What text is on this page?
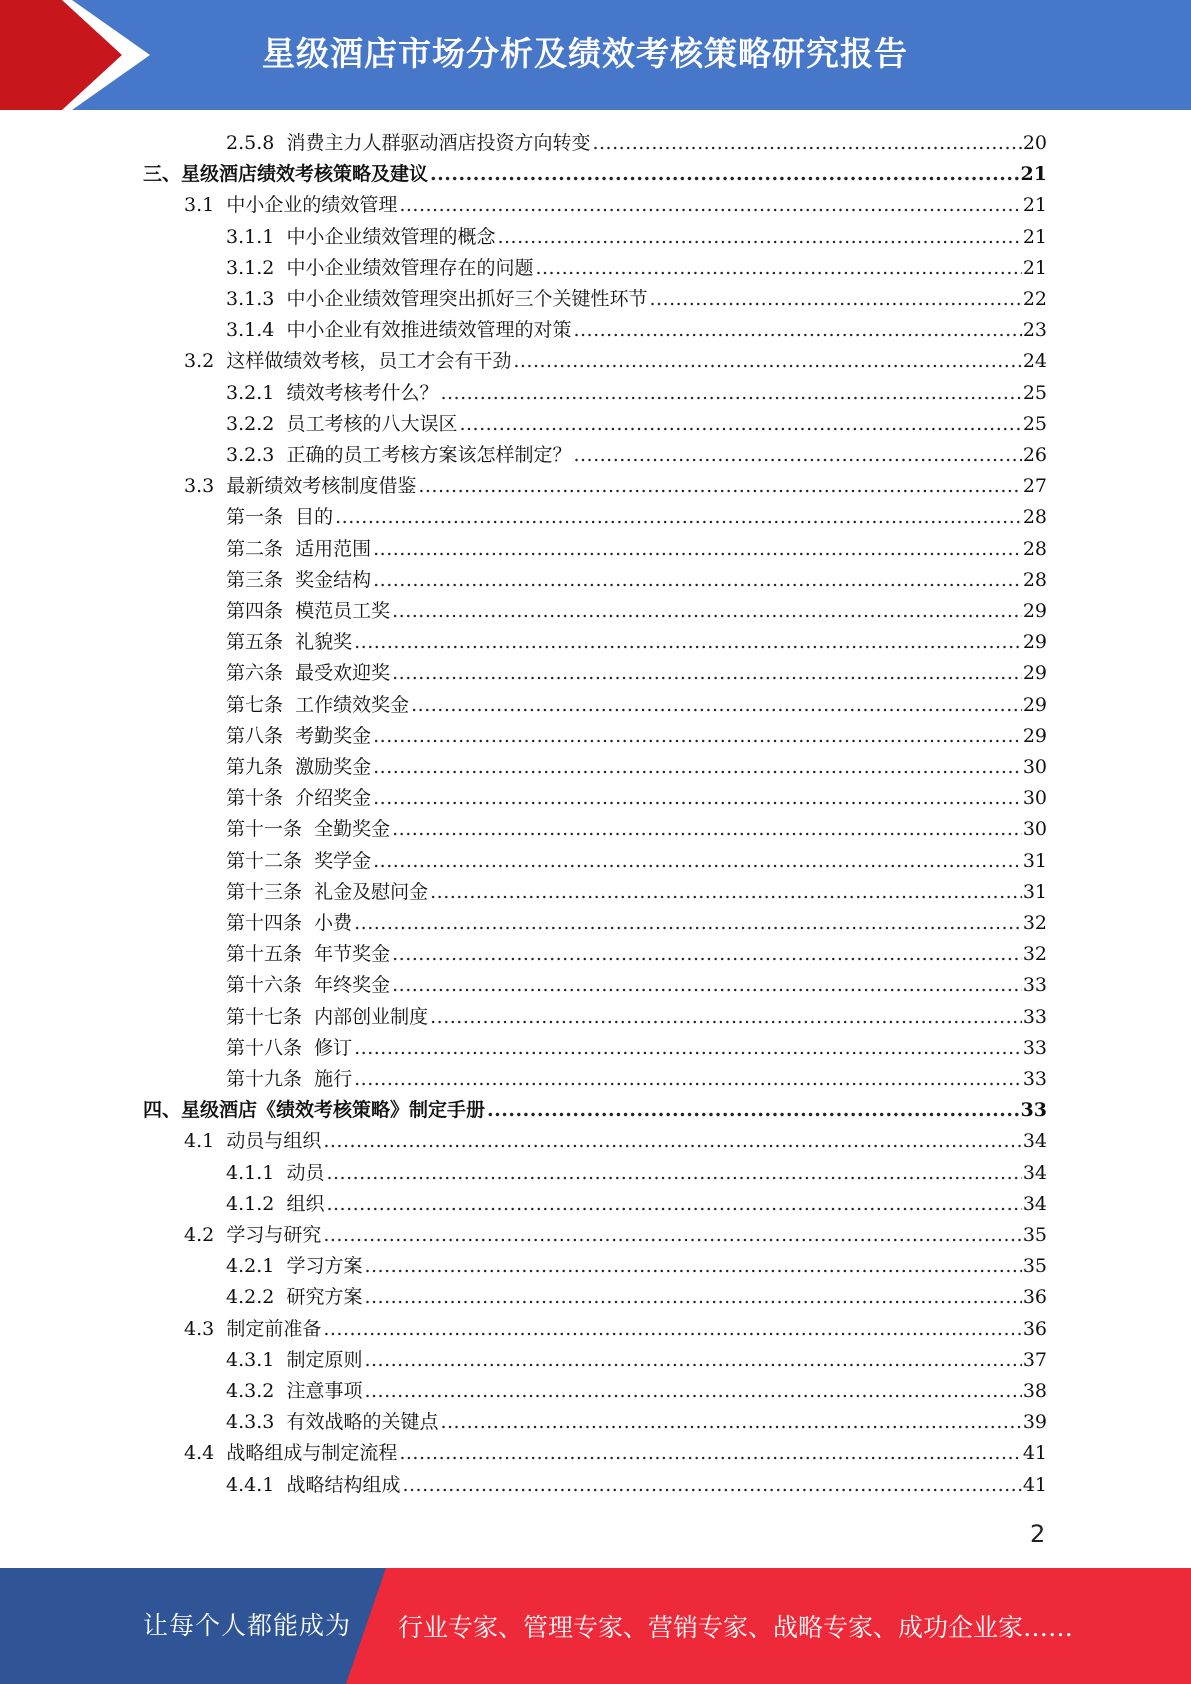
星级酒店市场分析及绩效考核策略研究报告
2.5.8 消费主力人群驱动酒店投资方向转变 .....	20
三、星级酒店绩效考核策略及建议 .....	21
3.1 中小企业的绩效管理 .....	21
3.1.1 中小企业绩效管理的概念 .....	21
3.1.2 中小企业绩效管理存在的问题 .....	21
3.1.3 中小企业绩效管理突出抓好三个关键性环节 .....	22
3.1.4 中小企业有效推进绩效管理的对策 .....	23
3.2 这样做绩效考核，员工才会有干劲 .....	24
3.2.1 绩效考核考什么？ .....	25
3.2.2 员工考核的八大误区 .....	25
3.2.3 正确的员工考核方案该怎样制定？ .....	26
3.3 最新绩效考核制度借鉴 .....	27
第一条 目的 .....	28
第二条 适用范围 .....	28
第三条 奖金结构 .....	28
第四条 模范员工奖 .....	29
第五条 礼貌奖 .....	29
第六条 最受欢迎奖 .....	29
第七条 工作绩效奖金 .....	29
第八条 考勤奖金 .....	29
第九条 激励奖金 .....	30
第十条 介绍奖金 .....	30
第十一条 全勤奖金 .....	30
第十二条 奖学金 .....	31
第十三条 礼金及慰问金 .....	31
第十四条 小费 .....	32
第十五条 年节奖金 .....	32
第十六条 年终奖金 .....	33
第十七条 内部创业制度 .....	33
第十八条 修订 .....	33
第十九条 施行 .....	33
四、星级酒店《绩效考核策略》制定手册 .....	33
4.1 动员与组织 .....	34
4.1.1 动员 .....	34
4.1.2 组织 .....	34
4.2 学习与研究 .....	35
4.2.1 学习方案 .....	35
4.2.2 研究方案 .....	36
4.3 制定前准备 .....	36
4.3.1 制定原则 .....	37
4.3.2 注意事项 .....	38
4.3.3 有效战略的关键点 .....	39
4.4 战略组成与制定流程 .....	41
4.4.1 战略结构组成 .....	41
2
让每个人都能成为 行业专家、管理专家、营销专家、战略专家、成功企业家……
